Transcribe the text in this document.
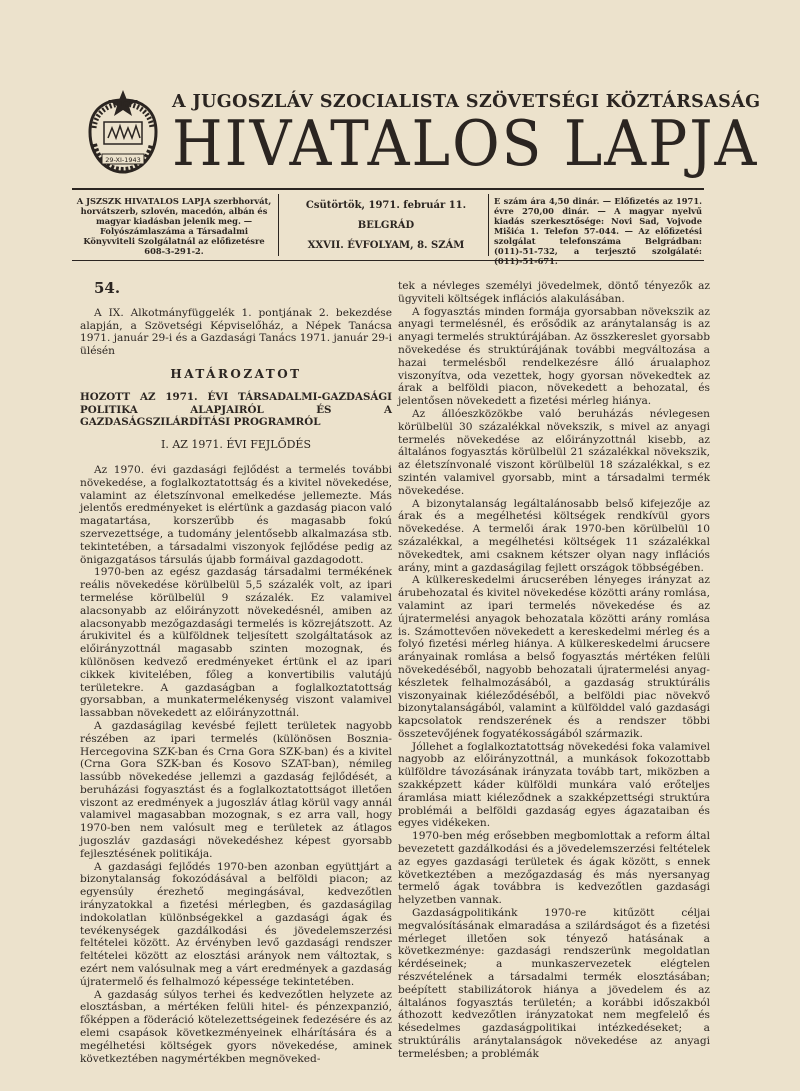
29-XI-1943
A JUGOSZLÁV SZOCIALISTA SZÖVETSÉGI KÖZTÁRSASÁG
HIVATALOS LAPJA
A JSZSZK HIVATALOS LAPJA szerbhorvát, horvátszerb, szlovén, macedón, albán és magyar kiadásban jelenik meg. — Folyószámlaszáma a Társadalmi Könyvviteli Szolgálatnál az előfizetésre 608-3-291-2.
Csütörtök, 1971. február 11.
BELGRÁD
XXVII. ÉVFOLYAM, 8. SZÁM
E szám ára 4,50 dinár. — Előfizetés az 1971. évre 270,00 dinár. — A magyar nyelvű kiadás szerkesztősége: Novi Sad, Vojvode Mišića 1. Telefon 57-044. — Az előfizetési szolgálat telefonszáma Belgrádban: (011)-51-732, a terjesztő szolgálaté: (011)-51-671.

54.

A IX. Alkotmányfüggelék 1. pontjának 2. bekezdése alapján, a Szövetségi Képviselőház, a Népek Tanácsa 1971. január 29-i és a Gazdasági Tanács 1971. január 29-i ülésén

HATÁROZATOT

HOZOTT AZ 1971. ÉVI TÁRSADALMI-GAZDASÁGI POLITIKA ALAPJAIRÓL ÉS A GAZDASÁGSZILÁRDÍTÁSI PROGRAMRÓL

I. AZ 1971. ÉVI FEJLŐDÉS

Az 1970. évi gazdasági fejlődést a termelés további növekedése, a foglalkoztatottság és a kivitel növekedése, valamint az életszínvonal emelkedése jellemezte. Más jelentős eredményeket is elértünk a gazdaság piacon való magatartása, korszerűbb és magasabb fokú szervezettsége, a tudomány jelentősebb alkalmazása stb. tekintetében, a társadalmi viszonyok fejlődése pedig az önigazgatásos társulás újabb formáival gazdagodott.

1970-ben az egész gazdaság társadalmi termékének reális növekedése körülbelül 5,5 százalék volt, az ipari termelése körülbelül 9 százalék. Ez valamivel alacsonyabb az előirányzott növekedésnél, amiben az alacsonyabb mezőgazdasági termelés is közrejátszott. Az árukivitel és a külföldnek teljesített szolgáltatások az előirányzottnál magasabb szinten mozognak, és különösen kedvező eredményeket értünk el az ipari cikkek kivitelében, főleg a konvertibilis valutájú területekre. A gazdaságban a foglalkoztatottság gyorsabban, a munkatermelékenység viszont valamivel lassabban növekedett az előirányzottnál.

A gazdaságilag kevésbé fejlett területek nagyobb részében az ipari termelés (különösen Bosznia-Hercegovina SZK-ban és Crna Gora SZK-ban) és a kivitel (Crna Gora SZK-ban és Kosovo SZAT-ban), némileg lassúbb növekedése jellemzi a gazdaság fejlődését, a beruházási fogyasztást és a foglalkoztatottságot illetően viszont az eredmények a jugoszláv átlag körül vagy annál valamivel magasabban mozognak, s ez arra vall, hogy 1970-ben nem valósult meg e területek az átlagos jugoszláv gazdasági növekedéshez képest gyorsabb fejlesztésének politikája.

A gazdasági fejlődés 1970-ben azonban együttjárt a bizonytalanság fokozódásával a belföldi piacon; az egyensúly érezhető megingásával, kedvezőtlen irányzatokkal a fizetési mérlegben, és gazdaságilag indokolatlan különbségekkel a gazdasági ágak és tevékenységek gazdálkodási és jövedelemszerzési feltételei között. Az érvényben levő gazdasági rendszer feltételei között az elosztási arányok nem változtak, s ezért nem valósulnak meg a várt eredmények a gazdaság újratermelő és felhalmozó képessége tekintetében.

A gazdaság súlyos terhei és kedvezőtlen helyzete az elosztásban, a mértéken felüli hitel- és pénzexpanzió, főképpen a föderáció kötelezettségeinek fedezésére és az elemi csapások következményeinek elhárítására és a megélhetési költségek gyors növekedése, aminek következtében nagymértékben megnöveked-

tek a névleges személyi jövedelmek, döntő tényezők az ügyviteli költségek inflációs alakulásában.

A fogyasztás minden formája gyorsabban növekszik az anyagi termelésnél, és erősődik az aránytalanság is az anyagi termelés struktúrájában. Az összkereslet gyorsabb növekedése és struktúrájának további megváltozása a hazai termelésből rendelkezésre álló árualaphoz viszonyítva, oda vezettek, hogy gyorsan növekedtek az árak a belföldi piacon, növekedett a behozatal, és jelentősen növekedett a fizetési mérleg hiánya.

Az állóeszközökbe való beruházás névlegesen körülbelül 30 százalékkal növekszik, s mivel az anyagi termelés növekedése az előirányzottnál kisebb, az általános fogyasztás körülbelül 21 százalékkal növekszik, az életszínvonalé viszont körülbelül 18 százalékkal, s ez szintén valamivel gyorsabb, mint a társadalmi termék növekedése.

A bizonytalanság legáltalánosabb belső kifejezője az árak és a megélhetési költségek rendkívül gyors növekedése. A termelői árak 1970-ben körülbelül 10 százalékkal, a megélhetési költségek 11 százalékkal növekedtek, ami csaknem kétszer olyan nagy inflációs arány, mint a gazdaságilag fejlett országok többségében.

A külkereskedelmi árucserében lényeges irányzat az árubehozatal és kivitel növekedése közötti arány romlása, valamint az ipari termelés növekedése és az újratermelési anyagok behozatala közötti arány romlása is. Számottevően növekedett a kereskedelmi mérleg és a folyó fizetési mérleg hiánya. A külkereskedelmi árucsere arányainak romlása a belső fogyasztás mértéken felüli növekedéséből, nagyobb behozatali újratermelési anyag-készletek felhalmozásából, a gazdaság struktúrális viszonyainak kiéleződéséből, a belföldi piac növekvő bizonytalanságából, valamint a külfölddel való gazdasági kapcsolatok rendszerének és a rendszer többi összetevőjének fogyatékosságából származik.

Jóllehet a foglalkoztatottság növekedési foka valamivel nagyobb az előirányzottnál, a munkások fokozottabb külföldre távozásának irányzata tovább tart, miközben a szakképzett káder külföldi munkára való erőteljes áramlása miatt kiéleződnek a szakképzettségi struktúra problémái a belföldi gazdaság egyes ágazataiban és egyes vidékeken.

1970-ben még erősebben megbomlottak a reform által bevezetett gazdálkodási és a jövedelemszerzési feltételek az egyes gazdasági területek és ágak között, s ennek következtében a mezőgazdaság és más nyersanyag termelő ágak továbbra is kedvezőtlen gazdasági helyzetben vannak.

Gazdaságpolitikánk 1970-re kitűzött céljai megvalósításának elmaradása a szilárdságot és a fizetési mérleget illetően sok tényező hatásának a következménye: gazdasági rendszerünk megoldatlan kérdéseinek; a munkaszervezetek elégtelen részvételének a társadalmi termék elosztásában; beépített stabilizátorok hiánya a jövedelem és az általános fogyasztás területén; a korábbi időszakból áthozott kedvezőtlen irányzatokat nem megfelelő és késedelmes gazdaságpolitikai intézkedéseket; a struktúrális aránytalanságok növekedése az anyagi termelésben; a problémák
